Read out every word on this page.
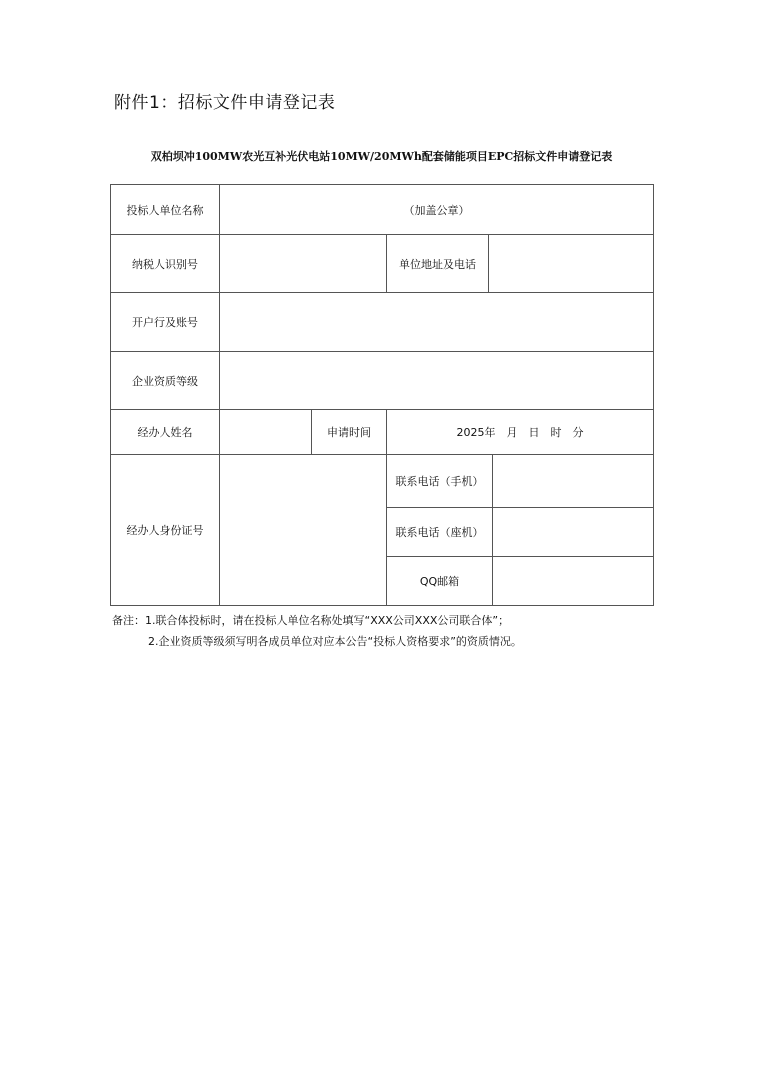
附件1：招标文件申请登记表
双柏坝冲100MW农光互补光伏电站10MW/20MWh配套储能项目EPC招标文件申请登记表
投标人单位名称	（加盖公章）				
纳税人识别号			单位地址及电话		
开户行及账号					
企业资质等级					
经办人姓名		申请时间	2025年　月　日　时　分		
经办人身份证号			联系电话（手机）		
			联系电话（座机）		
			QQ邮箱		
备注：1.联合体投标时，请在投标人单位名称处填写“XXX公司XXX公司联合体”；
2.企业资质等级须写明各成员单位对应本公告“投标人资格要求”的资质情况。
